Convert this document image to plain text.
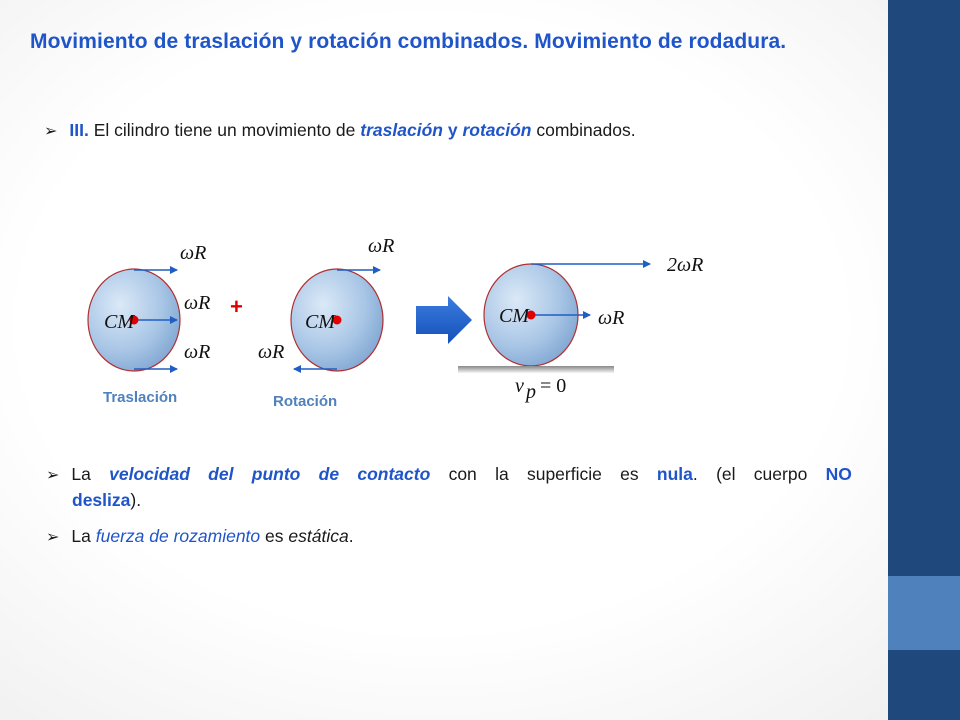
Movimiento de traslación y rotación combinados. Movimiento de rodadura.
➢ III. El cilindro tiene un movimiento de traslación y rotación combinados.
CM
ωR
ωR
ωR
Traslación
+
CM
ωR
ωR
Rotación
CM
2ωR
ωR
v p = 0
➢ La velocidad del punto de contacto con la superficie es nula. (el cuerpo NO
desliza).
➢ La fuerza de rozamiento es estática.
